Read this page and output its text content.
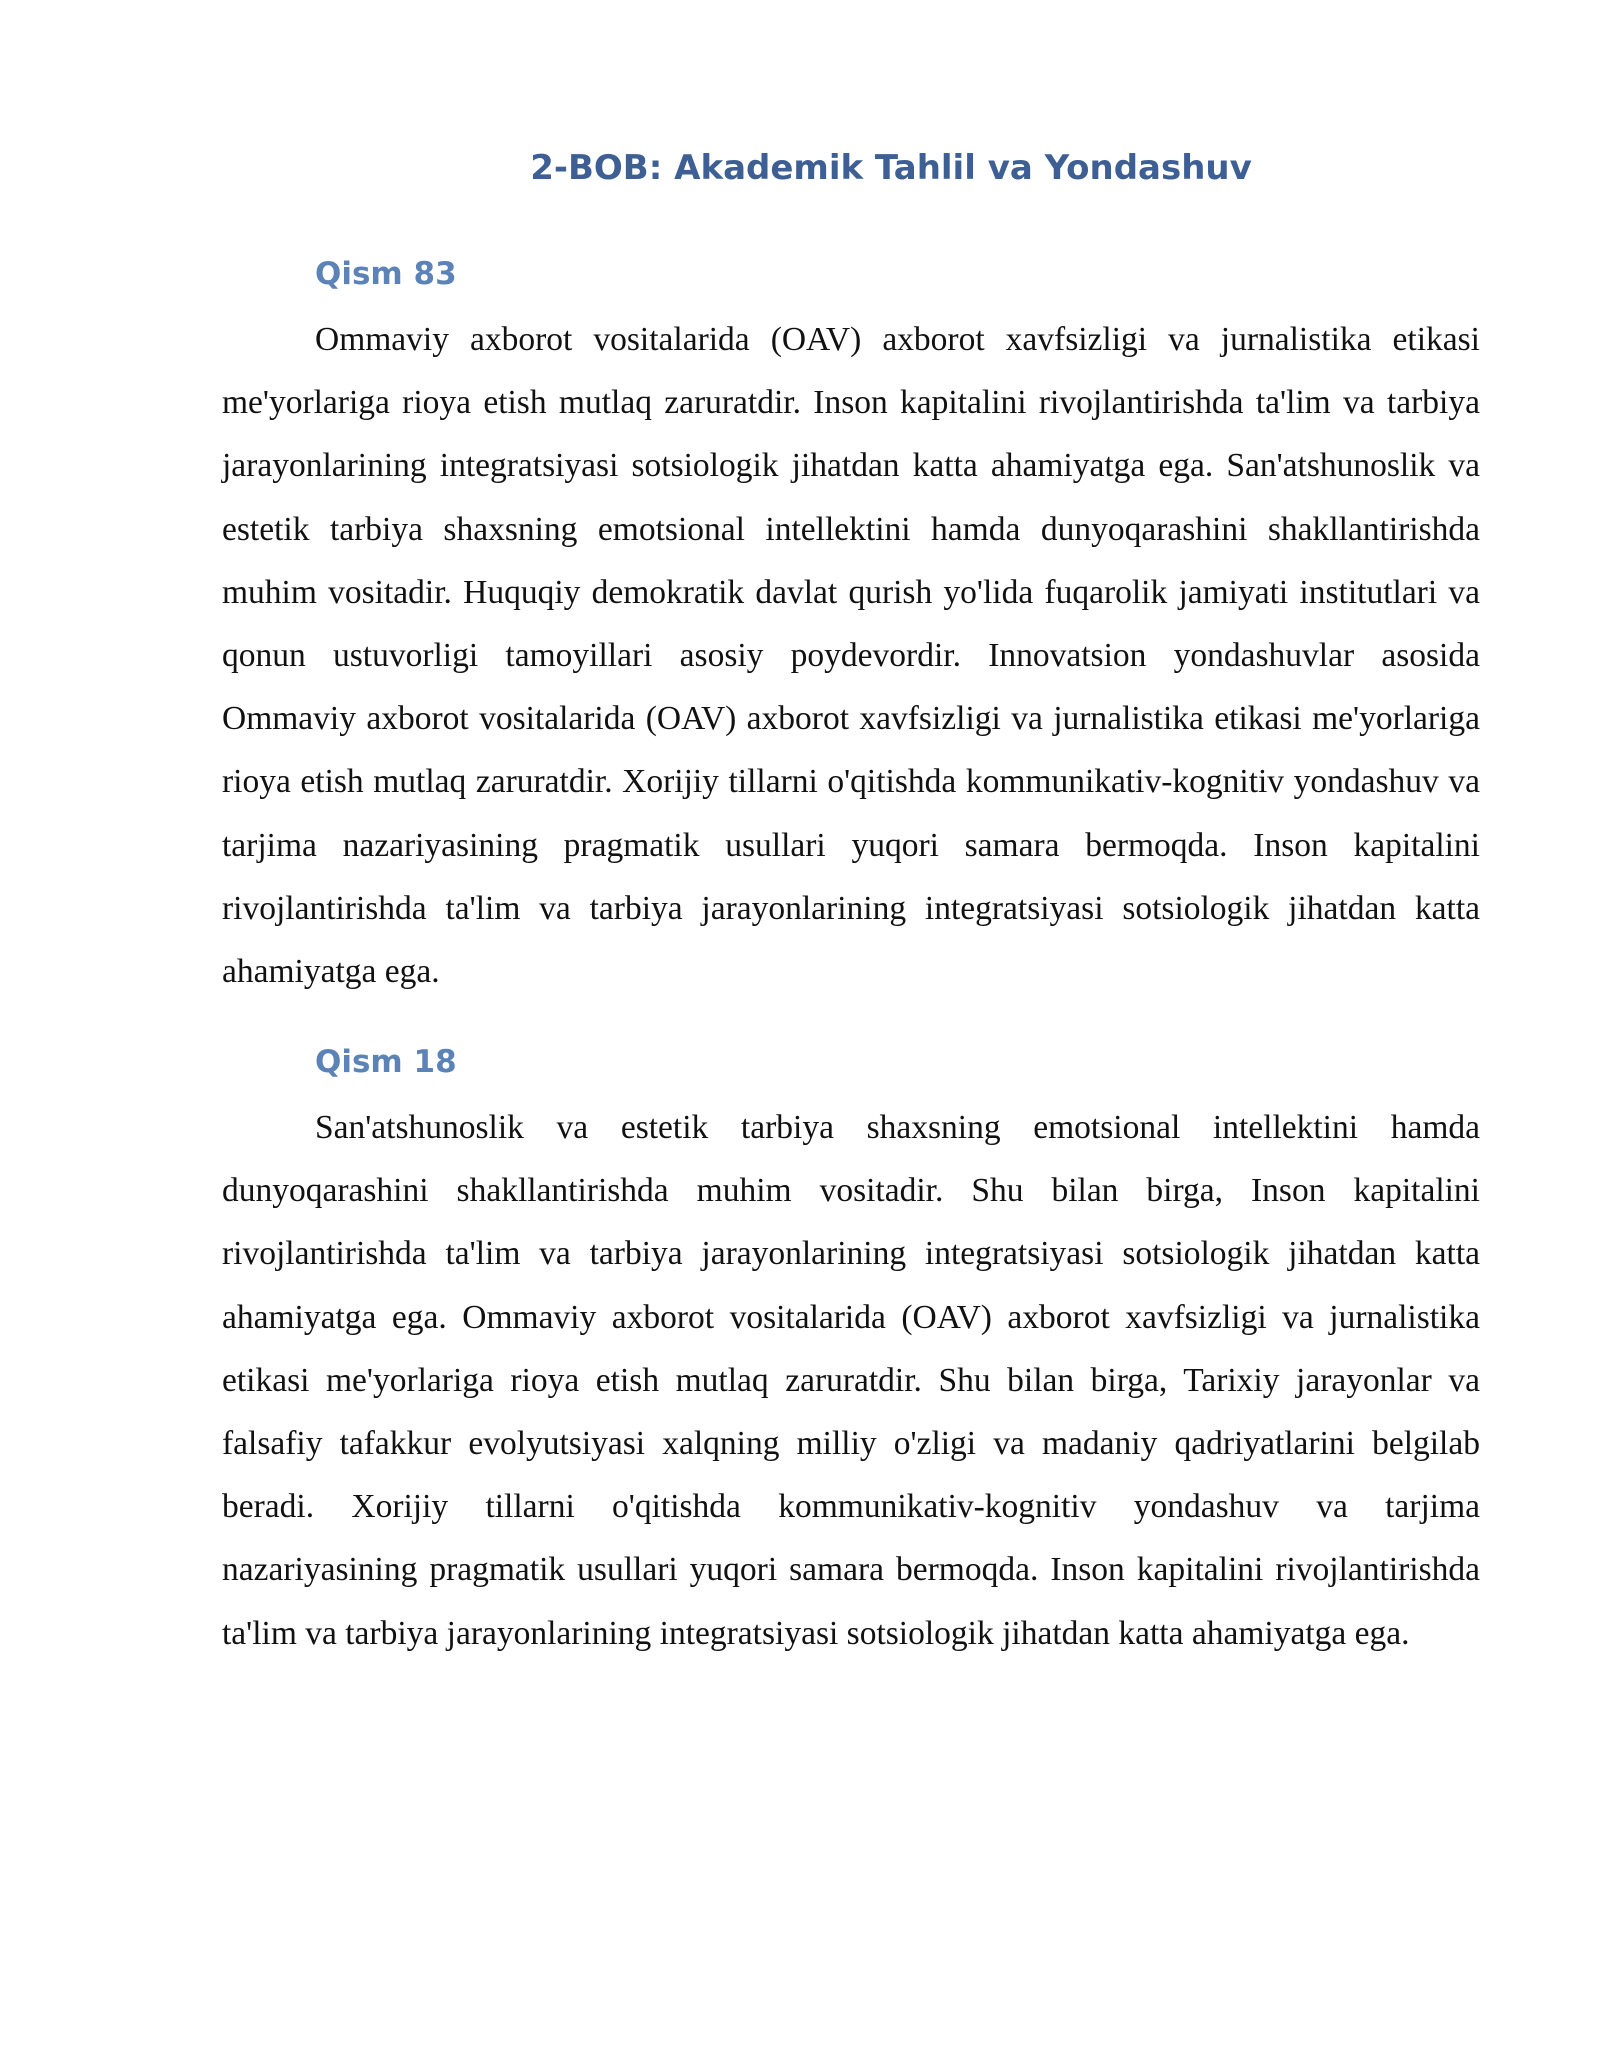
2-BOB: Akademik Tahlil va Yondashuv
Qism 83

Ommaviy axborot vositalarida (OAV) axborot xavfsizligi va jurnalistika etikasi me'yorlariga rioya etish mutlaq zaruratdir. Inson kapitalini rivojlantirishda ta'lim va tarbiya jarayonlarining integratsiyasi sotsiologik jihatdan katta ahamiyatga ega. San'atshunoslik va estetik tarbiya shaxsning emotsional intellektini hamda dunyoqarashini shakllantirishda muhim vositadir. Huquqiy demokratik davlat qurish yo'lida fuqarolik jamiyati institutlari va qonun ustuvorligi tamoyillari asosiy poydevordir. Innovatsion yondashuvlar asosida Ommaviy axborot vositalarida (OAV) axborot xavfsizligi va jurnalistika etikasi me'yorlariga rioya etish mutlaq zaruratdir. Xorijiy tillarni o'qitishda kommunikativ-kognitiv yondashuv va tarjima nazariyasining pragmatik usullari yuqori samara bermoqda. Inson kapitalini rivojlantirishda ta'lim va tarbiya jarayonlarining integratsiyasi sotsiologik jihatdan katta ahamiyatga ega.

Qism 18

San'atshunoslik va estetik tarbiya shaxsning emotsional intellektini hamda dunyoqarashini shakllantirishda muhim vositadir. Shu bilan birga, Inson kapitalini rivojlantirishda ta'lim va tarbiya jarayonlarining integratsiyasi sotsiologik jihatdan katta ahamiyatga ega. Ommaviy axborot vositalarida (OAV) axborot xavfsizligi va jurnalistika etikasi me'yorlariga rioya etish mutlaq zaruratdir. Shu bilan birga, Tarixiy jarayonlar va falsafiy tafakkur evolyutsiyasi xalqning milliy o'zligi va madaniy qadriyatlarini belgilab beradi. Xorijiy tillarni o'qitishda kommunikativ-kognitiv yondashuv va tarjima nazariyasining pragmatik usullari yuqori samara bermoqda. Inson kapitalini rivojlantirishda ta'lim va tarbiya jarayonlarining integratsiyasi sotsiologik jihatdan katta ahamiyatga ega.
